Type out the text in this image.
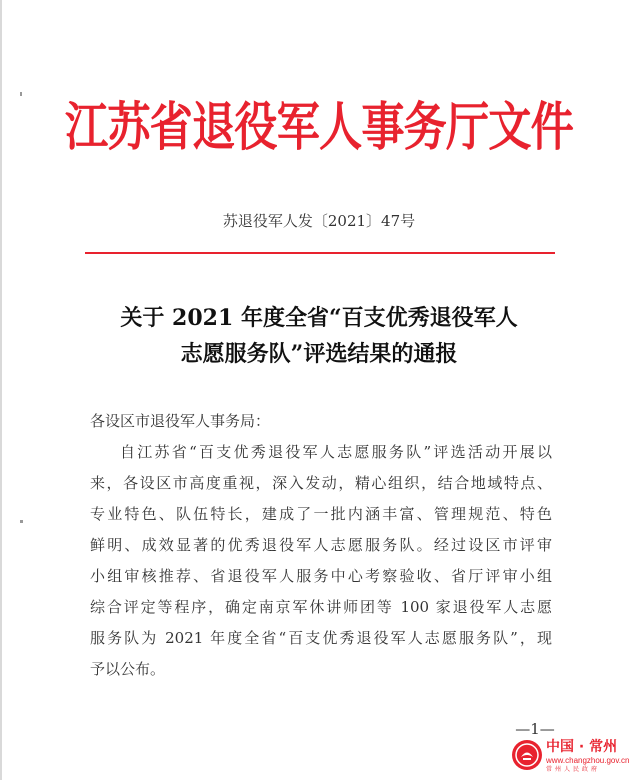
江苏省退役军人事务厅文件
苏退役军人发〔2021〕47号
关于 2021 年度全省“百支优秀退役军人
志愿服务队”评选结果的通报
各设区市退役军人事务局：
自江苏省“百支优秀退役军人志愿服务队”评选活动开展以
来，各设区市高度重视，深入发动，精心组织，结合地域特点、
专业特色、队伍特长，建成了一批内涵丰富、管理规范、特色
鲜明、成效显著的优秀退役军人志愿服务队。经过设区市评审
小组审核推荐、省退役军人服务中心考察验收、省厅评审小组
综合评定等程序，确定南京军休讲师团等 100 家退役军人志愿
服务队为 2021 年度全省“百支优秀退役军人志愿服务队”，现
予以公布。
—1—
中国 · 常州
www.changzhou.gov.cn
常州人民政府
